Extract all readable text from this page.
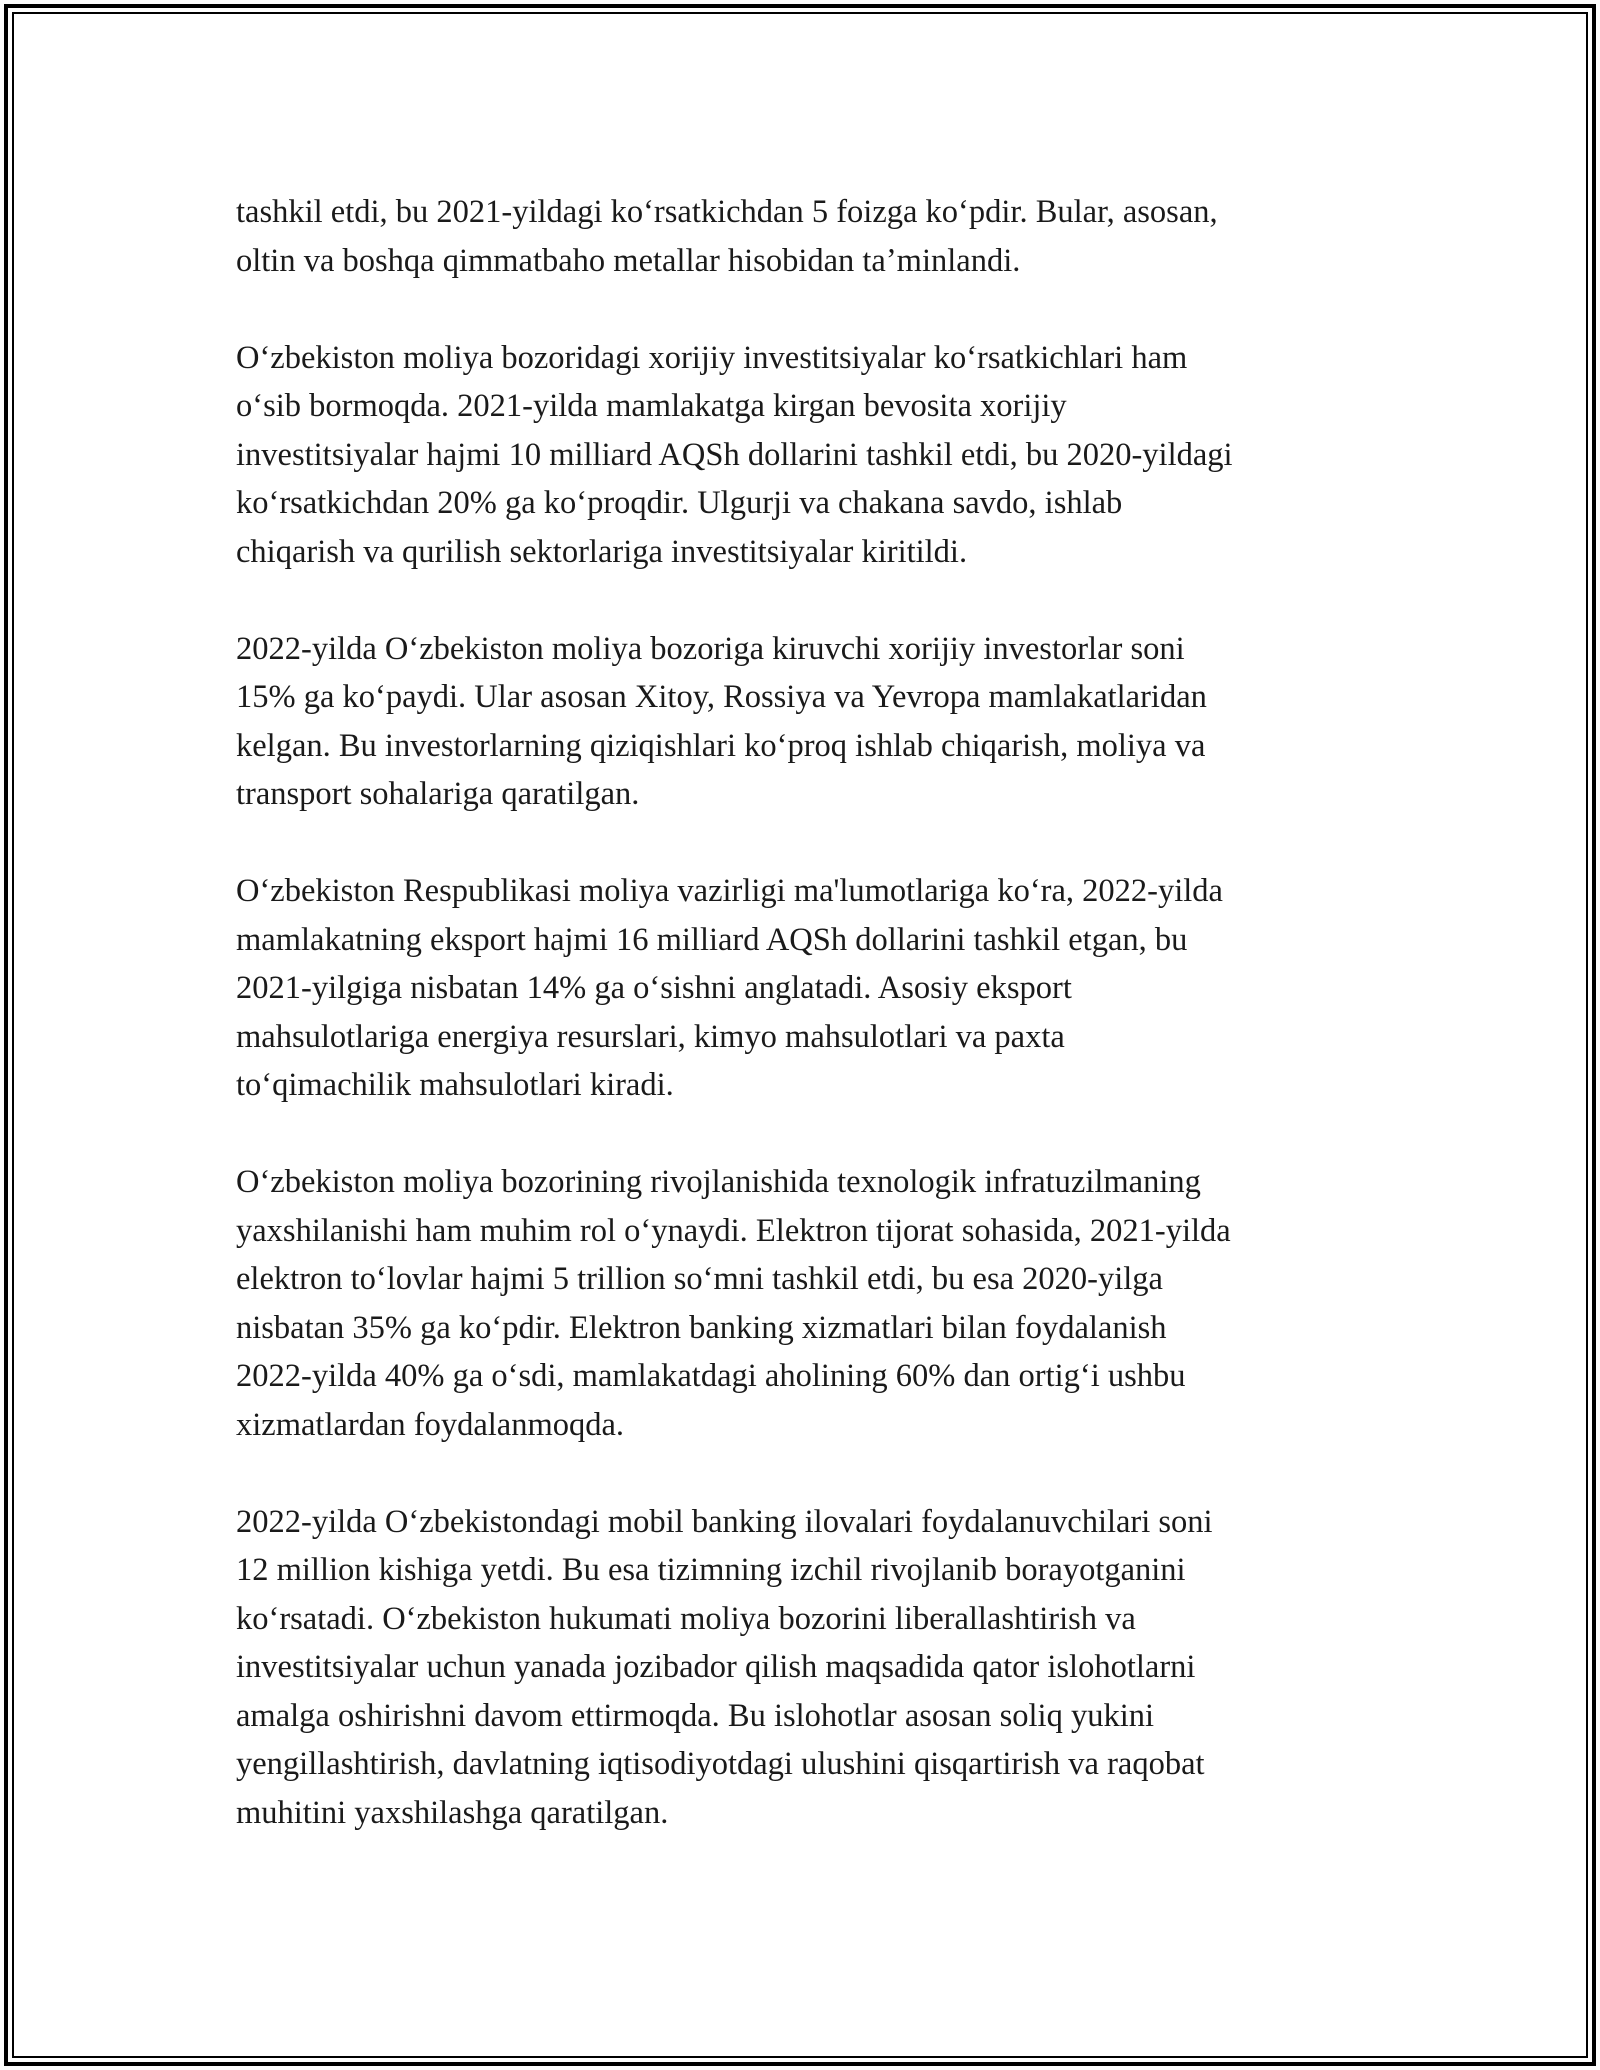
tashkil etdi, bu 2021-yildagi koʻrsatkichdan 5 foizga koʻpdir. Bular, asosan,
oltin va boshqa qimmatbaho metallar hisobidan taʼminlandi.

Oʻzbekiston moliya bozoridagi xorijiy investitsiyalar koʻrsatkichlari ham
oʻsib bormoqda. 2021-yilda mamlakatga kirgan bevosita xorijiy
investitsiyalar hajmi 10 milliard AQSh dollarini tashkil etdi, bu 2020-yildagi
koʻrsatkichdan 20% ga koʻproqdir. Ulgurji va chakana savdo, ishlab
chiqarish va qurilish sektorlariga investitsiyalar kiritildi.

2022-yilda Oʻzbekiston moliya bozoriga kiruvchi xorijiy investorlar soni
15% ga koʻpaydi. Ular asosan Xitoy, Rossiya va Yevropa mamlakatlaridan
kelgan. Bu investorlarning qiziqishlari koʻproq ishlab chiqarish, moliya va
transport sohalariga qaratilgan.

Oʻzbekiston Respublikasi moliya vazirligi ma'lumotlariga koʻra, 2022-yilda
mamlakatning eksport hajmi 16 milliard AQSh dollarini tashkil etgan, bu
2021-yilgiga nisbatan 14% ga oʻsishni anglatadi. Asosiy eksport
mahsulotlariga energiya resurslari, kimyo mahsulotlari va paxta
toʻqimachilik mahsulotlari kiradi.

Oʻzbekiston moliya bozorining rivojlanishida texnologik infratuzilmaning
yaxshilanishi ham muhim rol oʻynaydi. Elektron tijorat sohasida, 2021-yilda
elektron toʻlovlar hajmi 5 trillion soʻmni tashkil etdi, bu esa 2020-yilga
nisbatan 35% ga koʻpdir. Elektron banking xizmatlari bilan foydalanish
2022-yilda 40% ga oʻsdi, mamlakatdagi aholining 60% dan ortigʻi ushbu
xizmatlardan foydalanmoqda.

2022-yilda Oʻzbekistondagi mobil banking ilovalari foydalanuvchilari soni
12 million kishiga yetdi. Bu esa tizimning izchil rivojlanib borayotganini
koʻrsatadi. Oʻzbekiston hukumati moliya bozorini liberallashtirish va
investitsiyalar uchun yanada jozibador qilish maqsadida qator islohotlarni
amalga oshirishni davom ettirmoqda. Bu islohotlar asosan soliq yukini
yengillashtirish, davlatning iqtisodiyotdagi ulushini qisqartirish va raqobat
muhitini yaxshilashga qaratilgan.
